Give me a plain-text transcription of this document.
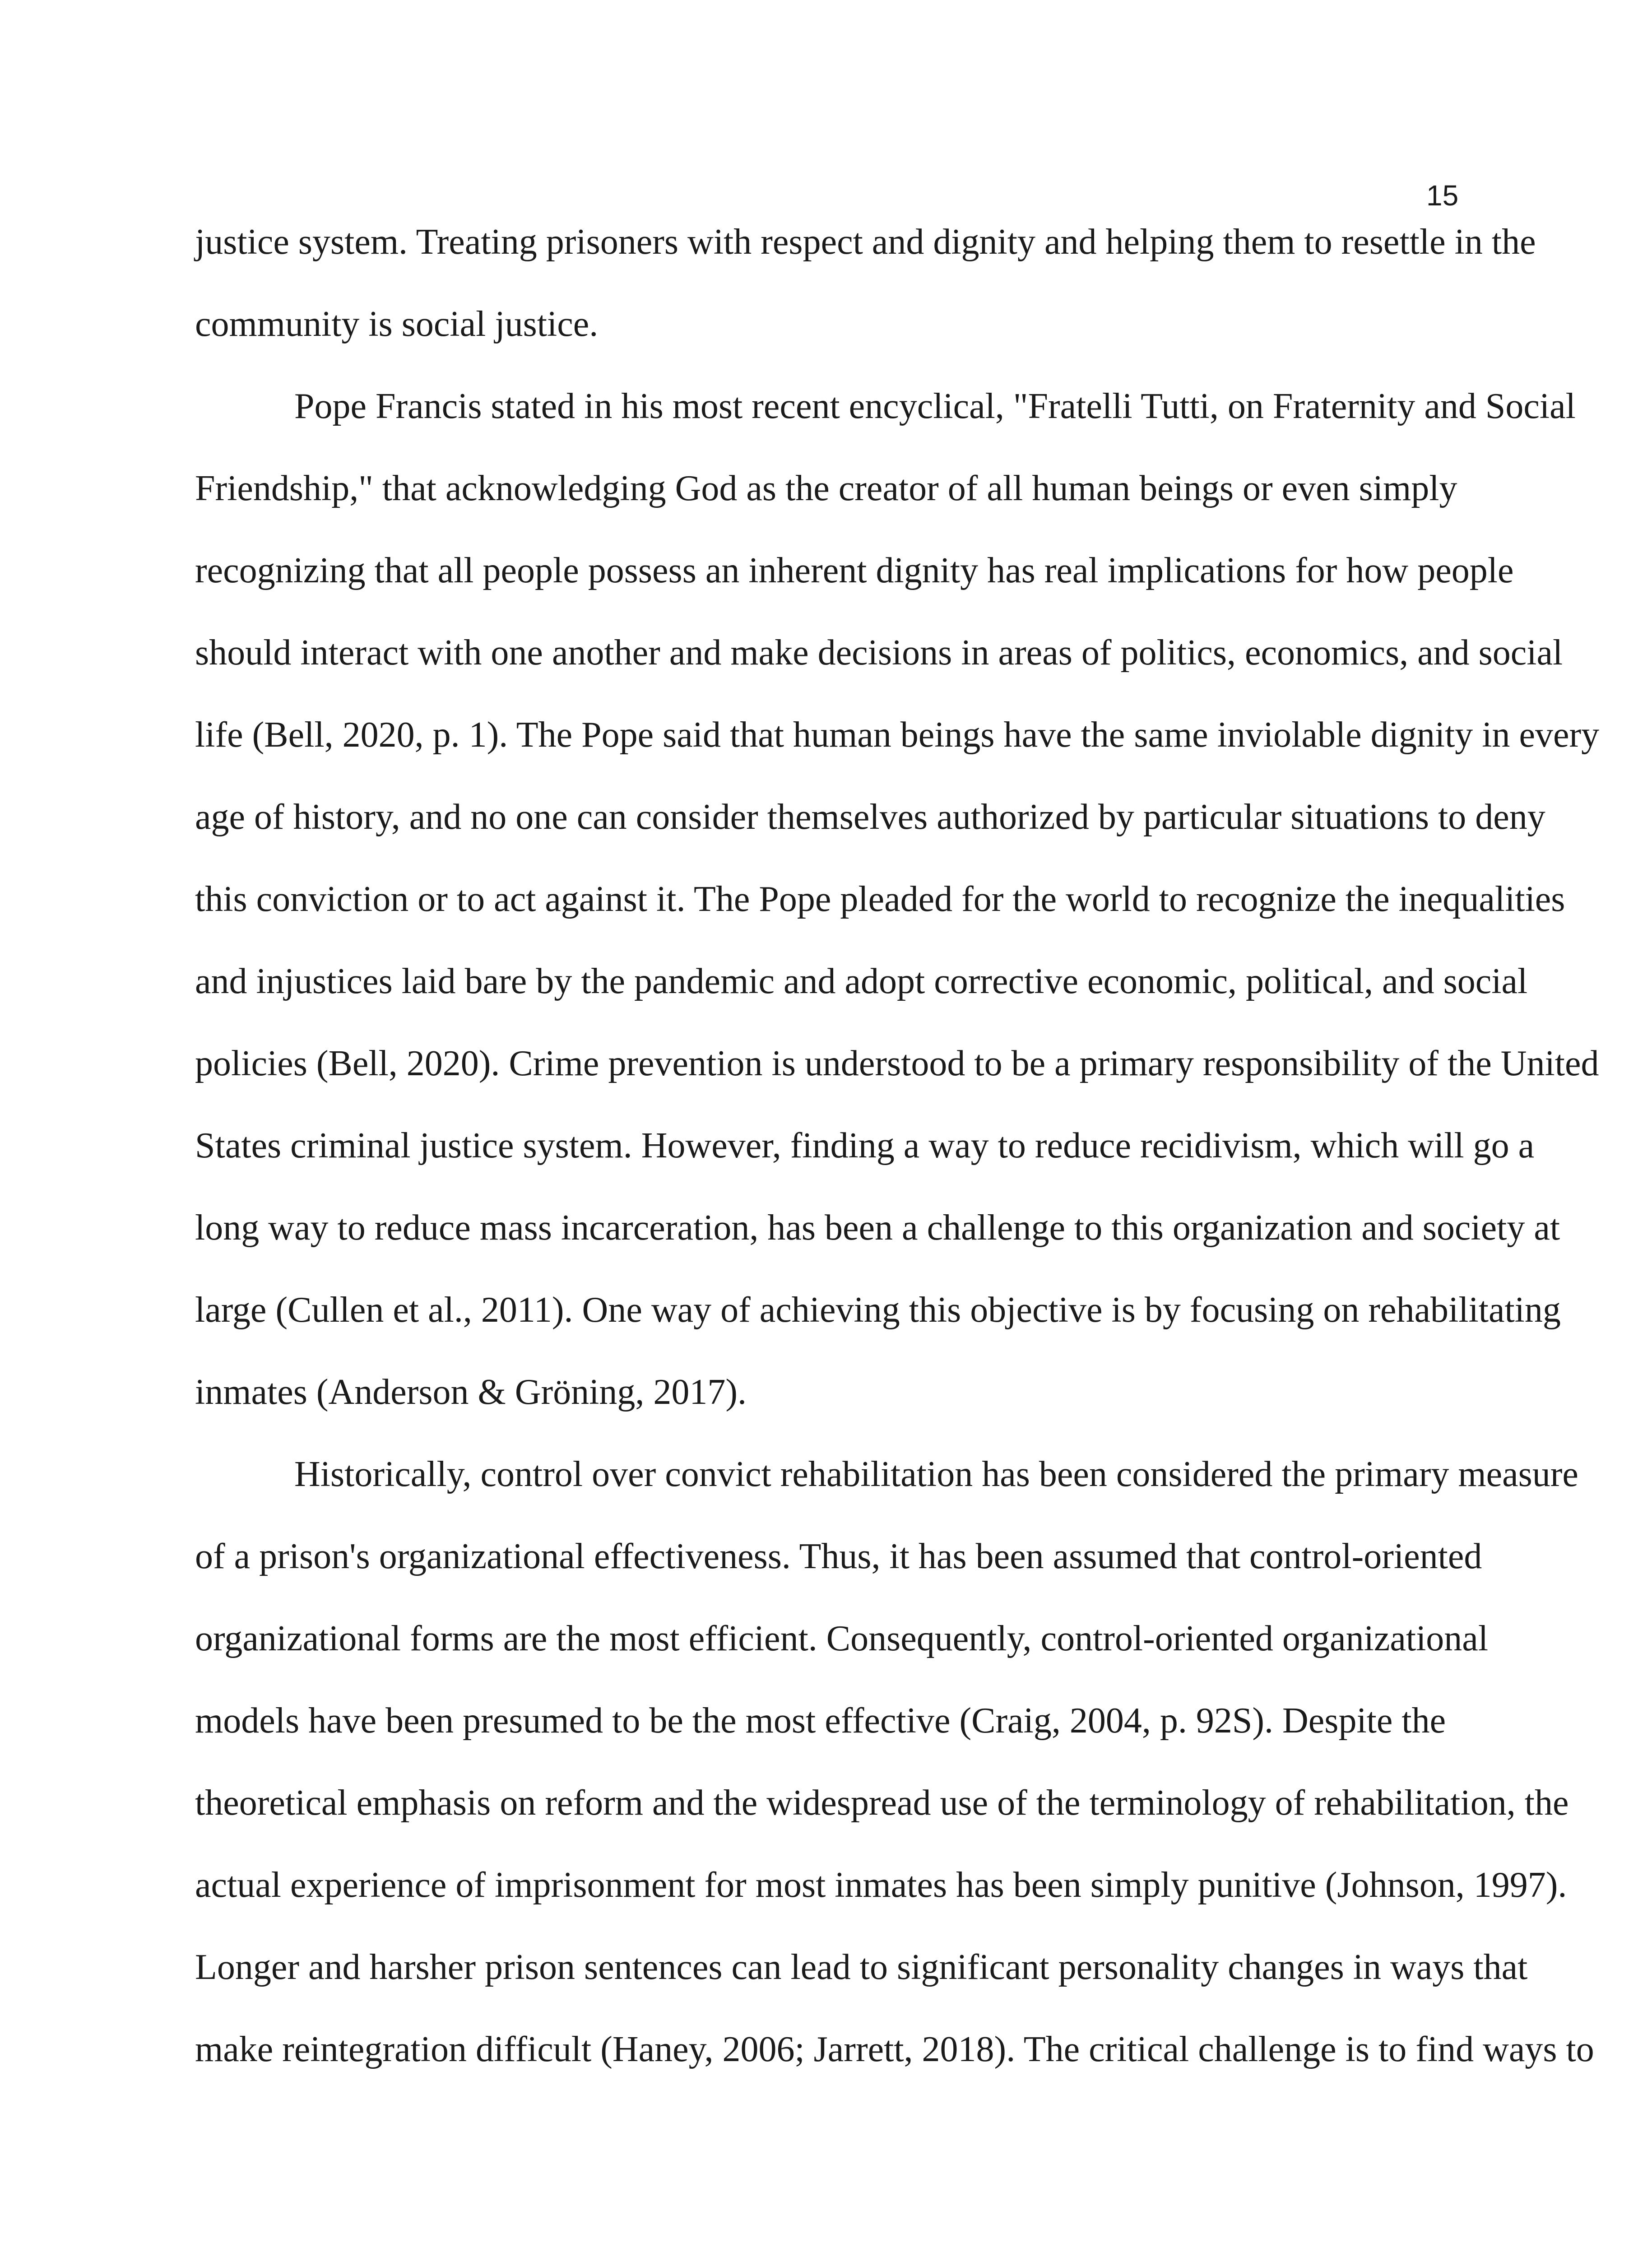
15
justice system. Treating prisoners with respect and dignity and helping them to resettle in the
community is social justice.
Pope Francis stated in his most recent encyclical, "Fratelli Tutti, on Fraternity and Social
Friendship," that acknowledging God as the creator of all human beings or even simply
recognizing that all people possess an inherent dignity has real implications for how people
should interact with one another and make decisions in areas of politics, economics, and social
life (Bell, 2020, p. 1). The Pope said that human beings have the same inviolable dignity in every
age of history, and no one can consider themselves authorized by particular situations to deny
this conviction or to act against it. The Pope pleaded for the world to recognize the inequalities
and injustices laid bare by the pandemic and adopt corrective economic, political, and social
policies (Bell, 2020). Crime prevention is understood to be a primary responsibility of the United
States criminal justice system. However, finding a way to reduce recidivism, which will go a
long way to reduce mass incarceration, has been a challenge to this organization and society at
large (Cullen et al., 2011). One way of achieving this objective is by focusing on rehabilitating
inmates (Anderson & Gröning, 2017).
Historically, control over convict rehabilitation has been considered the primary measure
of a prison's organizational effectiveness. Thus, it has been assumed that control-oriented
organizational forms are the most efficient. Consequently, control-oriented organizational
models have been presumed to be the most effective (Craig, 2004, p. 92S). Despite the
theoretical emphasis on reform and the widespread use of the terminology of rehabilitation, the
actual experience of imprisonment for most inmates has been simply punitive (Johnson, 1997).
Longer and harsher prison sentences can lead to significant personality changes in ways that
make reintegration difficult (Haney, 2006; Jarrett, 2018). The critical challenge is to find ways to
